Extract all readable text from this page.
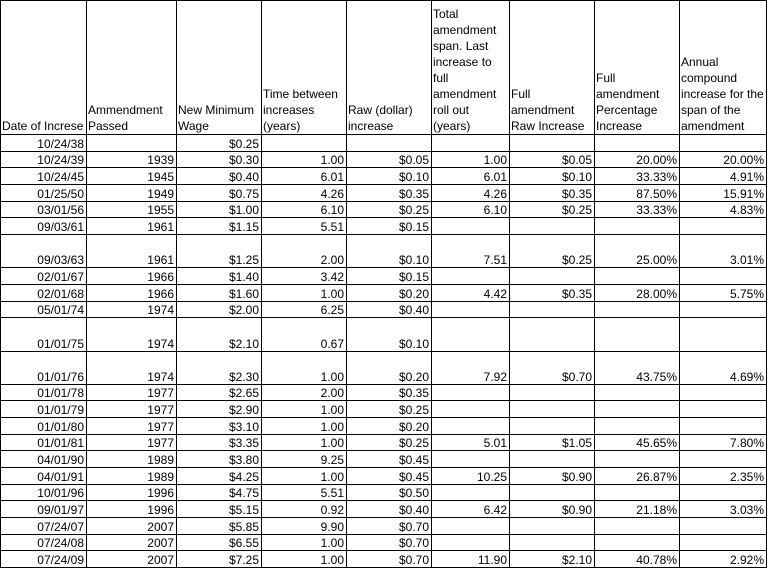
Date of Increse	Ammendment Passed	New Minimum Wage	Time between increases (years)	Raw (dollar) increase	Total amendment span. Last increase to full amendment roll out (years)	Full amendment Raw Increase	Full amendment Percentage Increase	Annual compound increase for the span of the amendment
10/24/38		$0.25						
10/24/39	1939	$0.30	1.00	$0.05	1.00	$0.05	20.00%	20.00%
10/24/45	1945	$0.40	6.01	$0.10	6.01	$0.10	33.33%	4.91%
01/25/50	1949	$0.75	4.26	$0.35	4.26	$0.35	87.50%	15.91%
03/01/56	1955	$1.00	6.10	$0.25	6.10	$0.25	33.33%	4.83%
09/03/61	1961	$1.15	5.51	$0.15				
09/03/63	1961	$1.25	2.00	$0.10	7.51	$0.25	25.00%	3.01%
02/01/67	1966	$1.40	3.42	$0.15				
02/01/68	1966	$1.60	1.00	$0.20	4.42	$0.35	28.00%	5.75%
05/01/74	1974	$2.00	6.25	$0.40				
01/01/75	1974	$2.10	0.67	$0.10				
01/01/76	1974	$2.30	1.00	$0.20	7.92	$0.70	43.75%	4.69%
01/01/78	1977	$2.65	2.00	$0.35				
01/01/79	1977	$2.90	1.00	$0.25				
01/01/80	1977	$3.10	1.00	$0.20				
01/01/81	1977	$3.35	1.00	$0.25	5.01	$1.05	45.65%	7.80%
04/01/90	1989	$3.80	9.25	$0.45				
04/01/91	1989	$4.25	1.00	$0.45	10.25	$0.90	26.87%	2.35%
10/01/96	1996	$4.75	5.51	$0.50				
09/01/97	1996	$5.15	0.92	$0.40	6.42	$0.90	21.18%	3.03%
07/24/07	2007	$5.85	9.90	$0.70				
07/24/08	2007	$6.55	1.00	$0.70				
07/24/09	2007	$7.25	1.00	$0.70	11.90	$2.10	40.78%	2.92%
